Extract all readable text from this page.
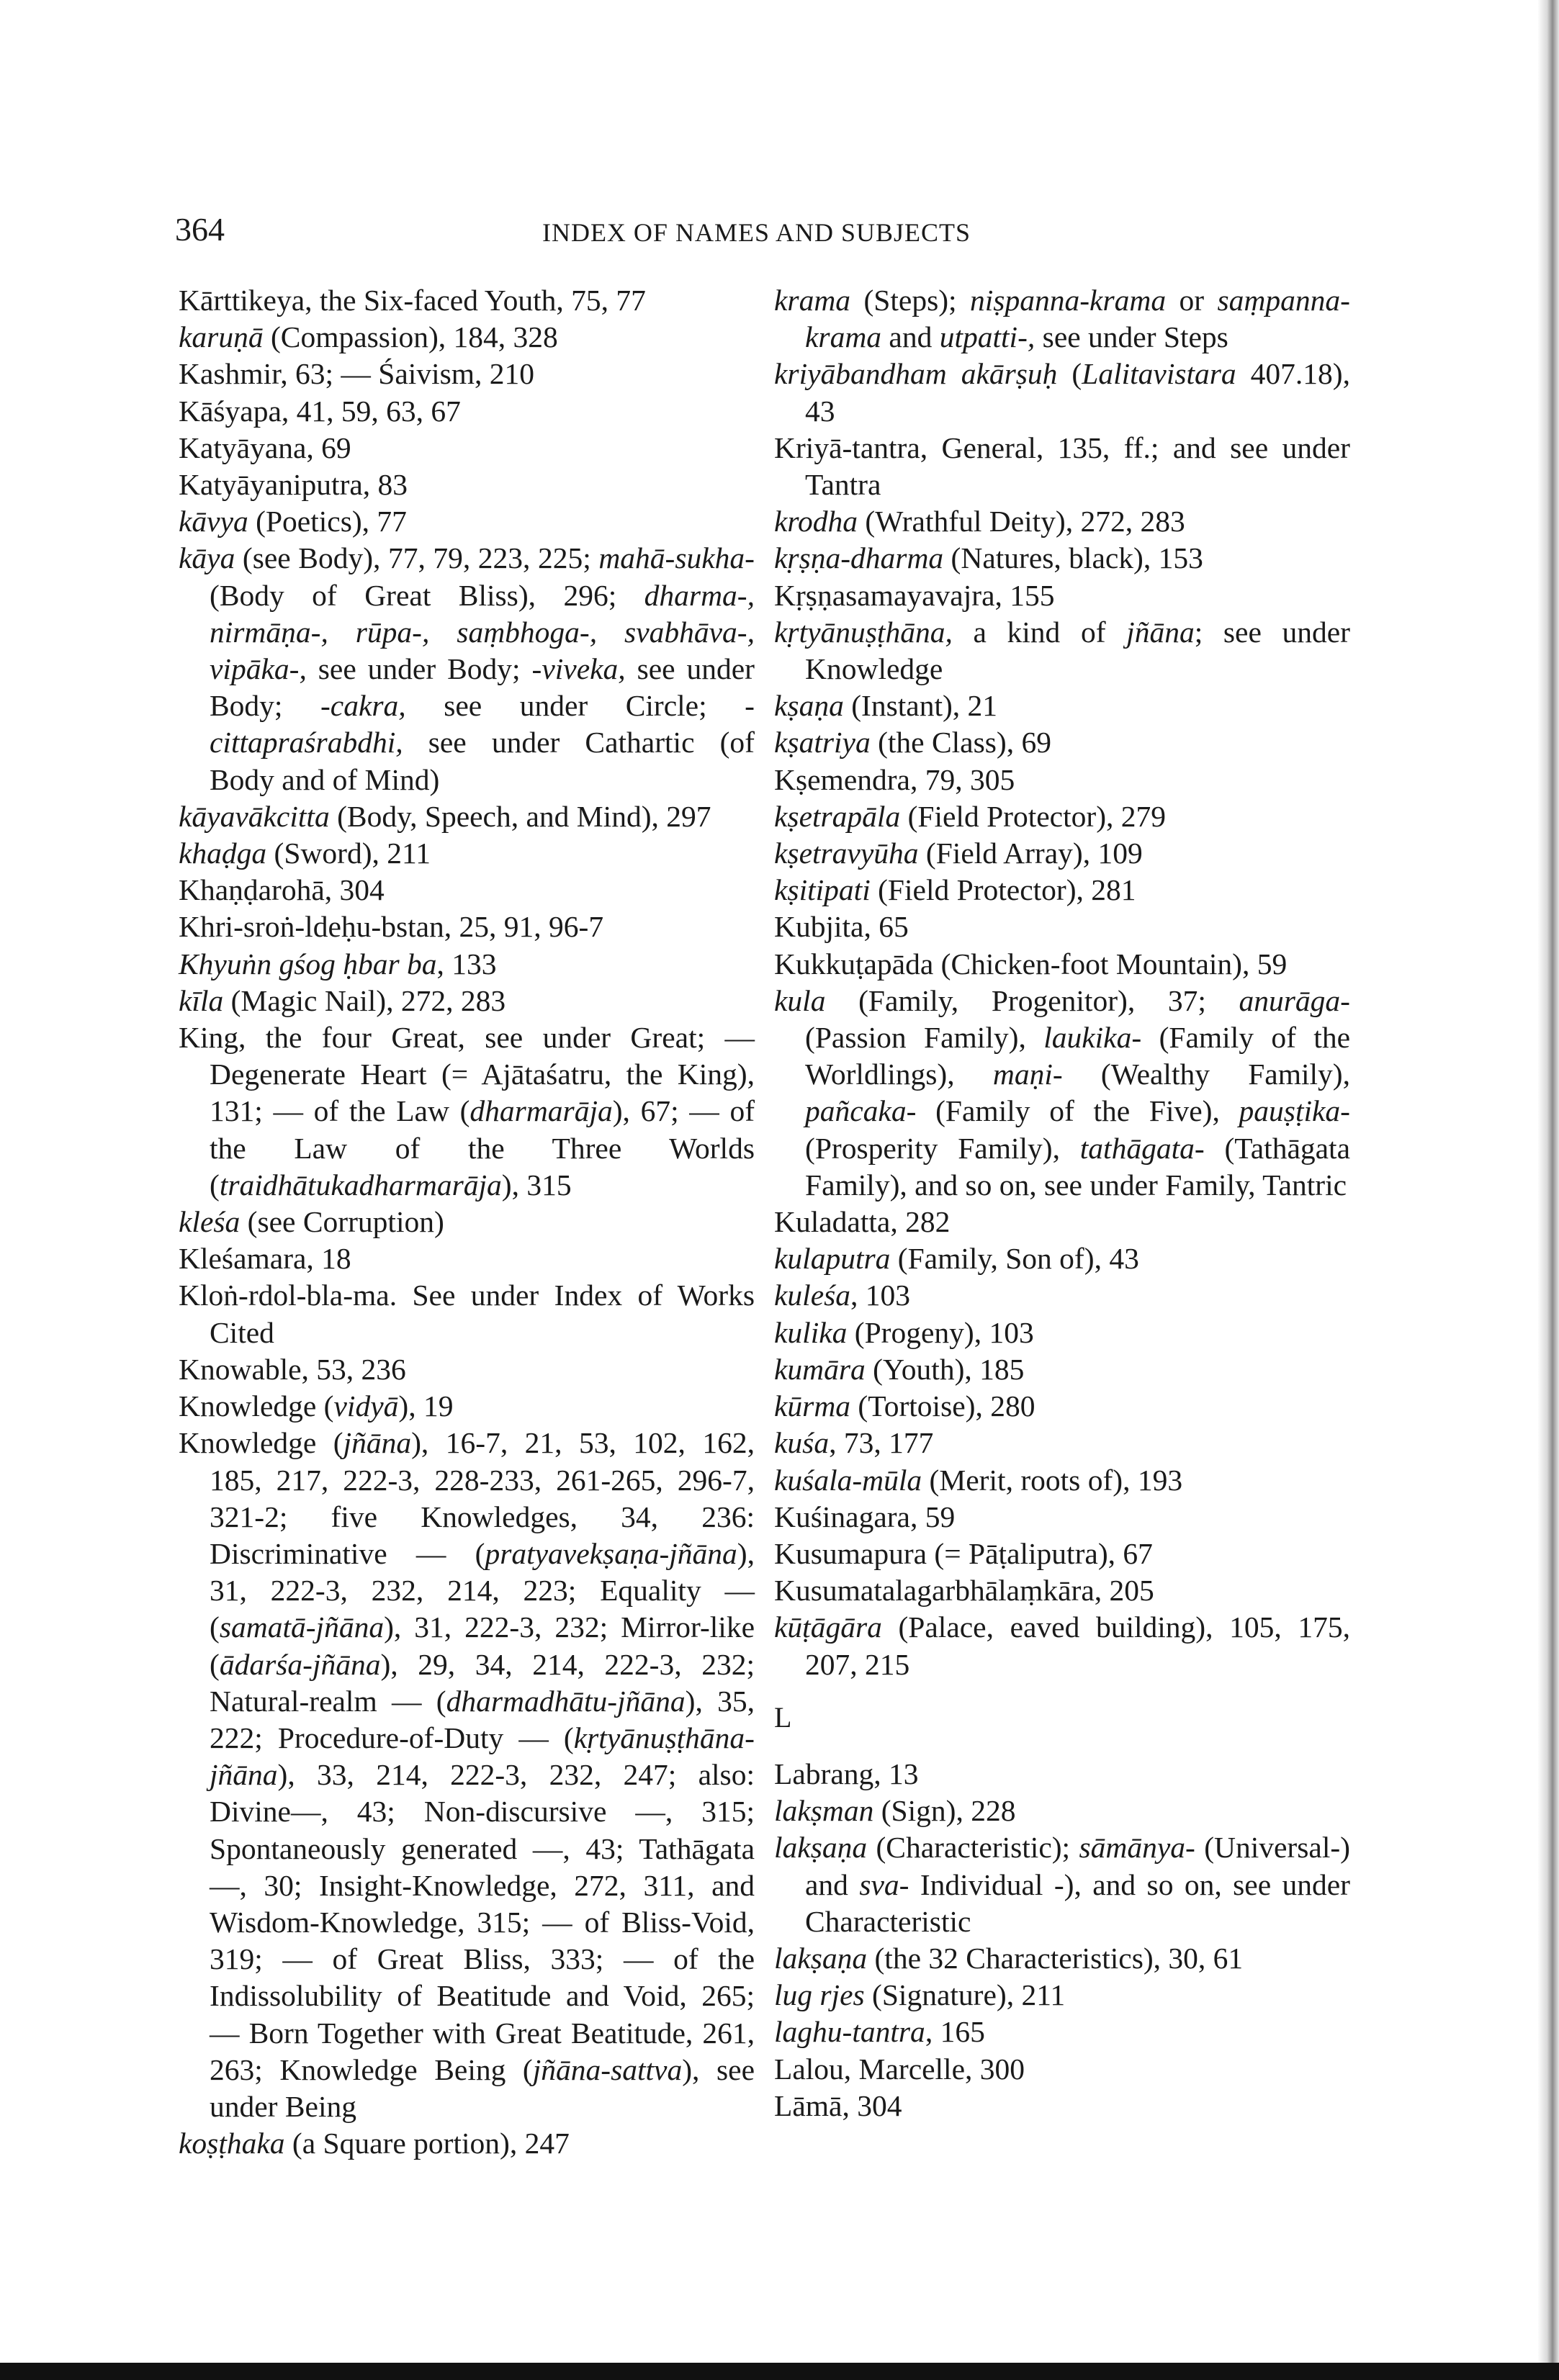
364	INDEX OF NAMES AND SUBJECTS

Kārttikeya, the Six-faced Youth, 75, 77

karuṇā (Compassion), 184, 328

Kashmir, 63; — Śaivism, 210

Kāśyapa, 41, 59, 63, 67

Katyāyana, 69

Katyāyaniputra, 83

kāvya (Poetics), 77

kāya (see Body), 77, 79, 223, 225; mahā-sukha- (Body of Great Bliss), 296; dharma-, nirmāṇa-, rūpa-, saṃbhoga-, svabhāva-, vipāka-, see under Body; -viveka, see under Body; -cakra, see under Circle; -cittapraśrabdhi, see under Cathartic (of Body and of Mind)

kāyavākcitta (Body, Speech, and Mind), 297

khaḍga (Sword), 211

Khaṇḍarohā, 304

Khri-sroṅ-ldeḥu-bstan, 25, 91, 96-7

Khyuṅn gśog ḥbar ba, 133

kīla (Magic Nail), 272, 283

King, the four Great, see under Great; — Degenerate Heart (= Ajātaśatru, the King), 131; — of the Law (dharmarāja), 67; — of the Law of the Three Worlds (traidhātukadharmarāja), 315

kleśa (see Corruption)

Kleśamara, 18

Kloṅ-rdol-bla-ma. See under Index of Works Cited

Knowable, 53, 236

Knowledge (vidyā), 19

Knowledge (jñāna), 16-7, 21, 53, 102, 162, 185, 217, 222-3, 228-233, 261-265, 296-7, 321-2; five Knowledges, 34, 236: Discriminative — (pratyavekṣaṇa-jñāna), 31, 222-3, 232, 214, 223; Equality — (samatā-jñāna), 31, 222-3, 232; Mirror-like (ādarśa-jñāna), 29, 34, 214, 222-3, 232; Natural-realm — (dharmadhātu-jñāna), 35, 222; Procedure-of-Duty — (kṛtyānuṣṭhāna-jñāna), 33, 214, 222-3, 232, 247; also: Divine—, 43; Non-discursive —, 315; Spontaneously generated —, 43; Tathāgata —, 30; Insight-Knowledge, 272, 311, and Wisdom-Knowledge, 315; — of Bliss-Void, 319; — of Great Bliss, 333; — of the Indissolubility of Beatitude and Void, 265; — Born Together with Great Beatitude, 261, 263; Knowledge Being (jñāna-sattva), see under Being

koṣṭhaka (a Square portion), 247

krama (Steps); niṣpanna-krama or saṃpanna-krama and utpatti-, see under Steps

kriyābandham akārṣuḥ (Lalitavistara 407.18), 43

Kriyā-tantra, General, 135, ff.; and see under Tantra

krodha (Wrathful Deity), 272, 283

kṛṣṇa-dharma (Natures, black), 153

Kṛṣṇasamayavajra, 155

kṛtyānuṣṭhāna, a kind of jñāna; see under Knowledge

kṣaṇa (Instant), 21

kṣatriya (the Class), 69

Kṣemendra, 79, 305

kṣetrapāla (Field Protector), 279

kṣetravyūha (Field Array), 109

kṣitipati (Field Protector), 281

Kubjita, 65

Kukkuṭapāda (Chicken-foot Mountain), 59

kula (Family, Progenitor), 37; anurāga- (Passion Family), laukika- (Family of the Worldlings), maṇi- (Wealthy Family), pañcaka- (Family of the Five), pauṣṭika- (Prosperity Family), tathāgata- (Tathāgata Family), and so on, see under Family, Tantric

Kuladatta, 282

kulaputra (Family, Son of), 43

kuleśa, 103

kulika (Progeny), 103

kumāra (Youth), 185

kūrma (Tortoise), 280

kuśa, 73, 177

kuśala-mūla (Merit, roots of), 193

Kuśinagara, 59

Kusumapura (= Pāṭaliputra), 67

Kusumatalagarbhālaṃkāra, 205

kūṭāgāra (Palace, eaved building), 105, 175, 207, 215

L

Labrang, 13

lakṣman (Sign), 228

lakṣaṇa (Characteristic); sāmānya- (Universal-) and sva- Individual -), and so on, see under Characteristic

lakṣaṇa (the 32 Characteristics), 30, 61

lug rjes (Signature), 211

laghu-tantra, 165

Lalou, Marcelle, 300

Lāmā, 304
